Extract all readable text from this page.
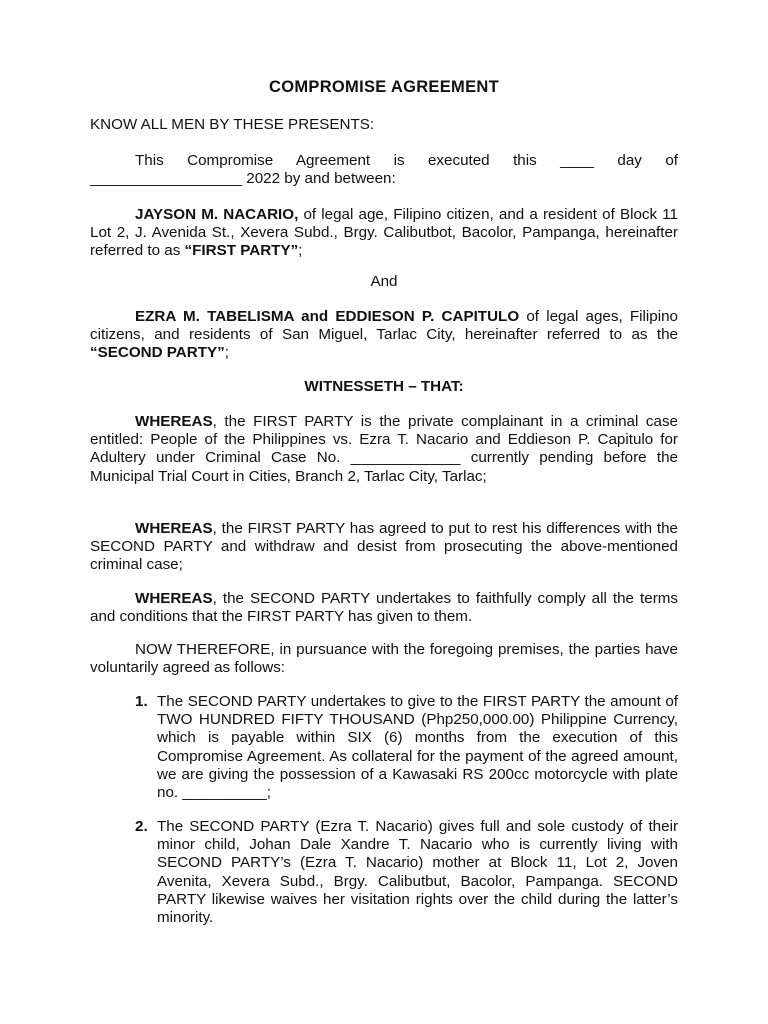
COMPROMISE AGREEMENT
KNOW ALL MEN BY THESE PRESENTS:
This Compromise Agreement is executed this ____ day of
__________________ 2022 by and between:
JAYSON M. NACARIO, of legal age, Filipino citizen, and a resident of Block 11 Lot 2, J. Avenida St., Xevera Subd., Brgy. Calibutbot, Bacolor, Pampanga, hereinafter referred to as “FIRST PARTY”;
And
EZRA M. TABELISMA and EDDIESON P. CAPITULO of legal ages, Filipino citizens, and residents of San Miguel, Tarlac City, hereinafter referred to as the “SECOND PARTY”;
WITNESSETH – THAT:
WHEREAS, the FIRST PARTY is the private complainant in a criminal case entitled: People of the Philippines vs. Ezra T. Nacario and Eddieson P. Capitulo for Adultery under Criminal Case No. _____________ currently pending before the Municipal Trial Court in Cities, Branch 2, Tarlac City, Tarlac;
WHEREAS, the FIRST PARTY has agreed to put to rest his differences with the SECOND PARTY and withdraw and desist from prosecuting the above-mentioned criminal case;
WHEREAS, the SECOND PARTY undertakes to faithfully comply all the terms and conditions that the FIRST PARTY has given to them.
NOW THEREFORE, in pursuance with the foregoing premises, the parties have voluntarily agreed as follows:
1. The SECOND PARTY undertakes to give to the FIRST PARTY the amount of TWO HUNDRED FIFTY THOUSAND (Php250,000.00) Philippine Currency, which is payable within SIX (6) months from the execution of this Compromise Agreement. As collateral for the payment of the agreed amount, we are giving the possession of a Kawasaki RS 200cc motorcycle with plate no. __________;
2. The SECOND PARTY (Ezra T. Nacario) gives full and sole custody of their minor child, Johan Dale Xandre T. Nacario who is currently living with SECOND PARTY’s (Ezra T. Nacario) mother at Block 11, Lot 2, Joven Avenita, Xevera Subd., Brgy. Calibutbut, Bacolor, Pampanga. SECOND PARTY likewise waives her visitation rights over the child during the latter’s minority.
